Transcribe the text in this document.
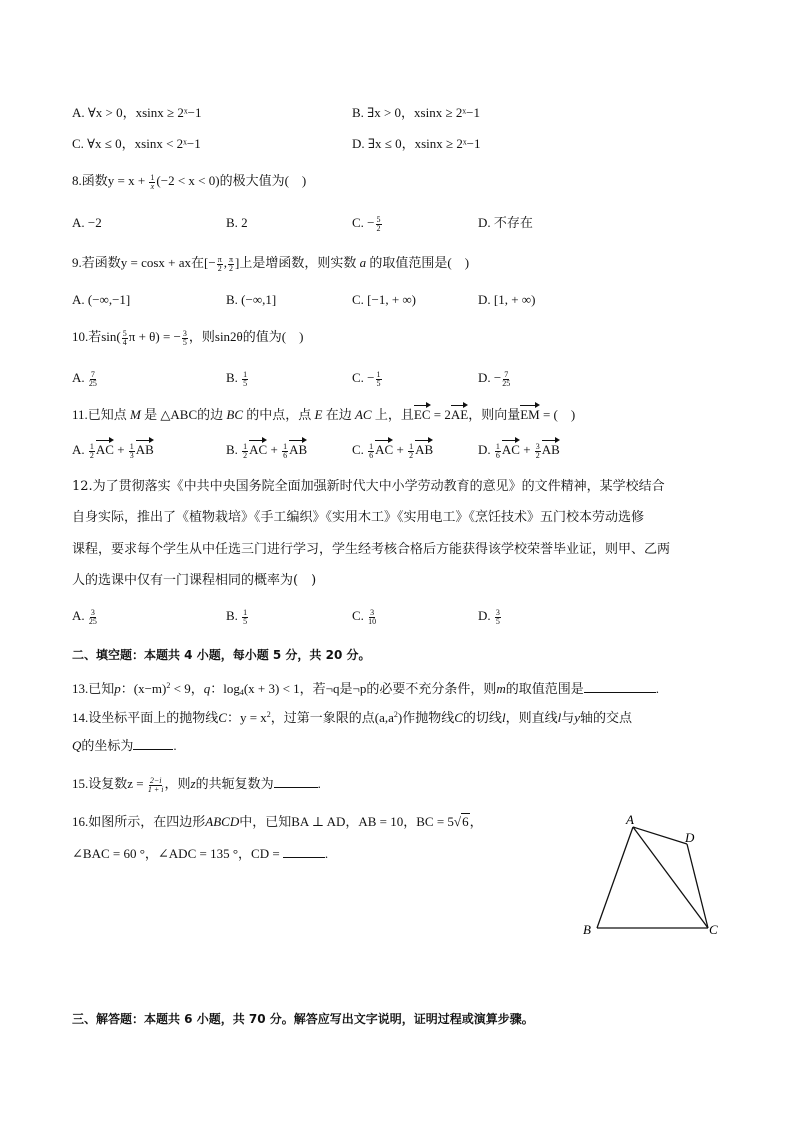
A. ∀x > 0，xsinx ≥ 2ˣ−1	B. ∃x > 0，xsinx ≥ 2ˣ−1
C. ∀x ≤ 0，xsinx < 2ˣ−1	D. ∃x ≤ 0，xsinx ≥ 2ˣ−1
8.函数$y = x + \frac{1}{x} (-2 < x < 0)$的极大值为(　)
A. −2	B. 2	C. − $\frac{5}{2}$	D. 不存在
9.若函数y = cosx + ax在[− $\frac{\pi}{2}$ , $\frac{\pi}{2}$ ]上是增函数，则实数 a 的取值范围是(　)
A. (−∞,−1]	B. (−∞,1]	C. [−1, + ∞)	D. [1, + ∞)
10.若$\sin( \frac{5}{4}$ π + θ) = − $\frac{3}{5}$ ，则sin2θ的值为(　)
A. $\frac{7}{25}$	B. $\frac{1}{5}$	C. − $\frac{1}{5}$	D. − $\frac{7}{25}$
11.已知点 M 是 △ABC的边 BC 的中点，点 E 在边 AC 上，且EC = 2AE，则向量EM = (　)
A. $\frac{1}{2}$ AC + $\frac{1}{3}$ AB	B. $\frac{1}{2}$ AC + $\frac{1}{6}$ AB	C. $\frac{1}{6}$ AC + $\frac{1}{2}$ AB	D. $\frac{1}{6}$ AC + $\frac{3}{2}$ AB
12.为了贯彻落实《中共中央国务院全面加强新时代大中小学劳动教育的意见》的文件精神，某学校结合
自身实际，推出了《植物栽培》《手工编织》《实用木工》《实用电工》《烹饪技术》五门校本劳动选修
课程，要求每个学生从中任选三门进行学习，学生经考核合格后方能获得该学校荣誉毕业证，则甲、乙两
人的选课中仅有一门课程相同的概率为(　)
A. $\frac{3}{25}$	B. $\frac{1}{5}$	C. $\frac{3}{10}$	D. $\frac{3}{5}$
二、填空题：本题共 4 小题，每小题 5 分，共 20 分。
13.已知p：$(x-m)^2 < 9$，q：$\log_4(x + 3) < 1$，若¬q是¬p的必要不充分条件，则m的取值范围是	.
14.设坐标平面上的抛物线C：$y = x^2$，过第一象限的点$(a,a^2)$作抛物线C的切线l，则直线l与y轴的交点
Q的坐标为	.
15.设复数$z = \frac{2-i}{1 + i}$ ，则z的共轭复数为	.
16.如图所示，在四边形ABCD中，已知BA ⊥ AD，AB = 10，BC = 5√6，
∠BAC = 60 °，∠ADC = 135 °，CD =	.
A
D
B	C
三、解答题：本题共 6 小题，共 70 分。解答应写出文字说明，证明过程或演算步骤。
